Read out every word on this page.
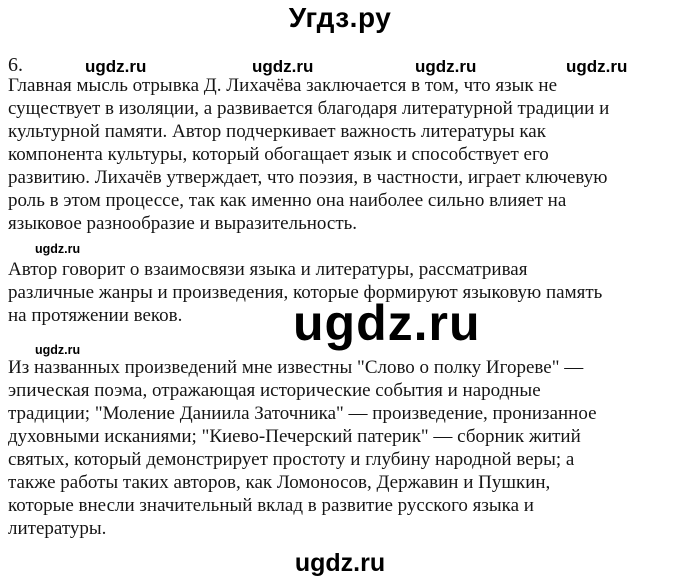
Угдз.ру
6.	ugdz.ru	ugdz.ru	ugdz.ru	ugdz.ru
Главная мысль отрывка Д. Лихачёва заключается в том, что язык не
существует в изоляции, а развивается благодаря литературной традиции и
культурной памяти. Автор подчеркивает важность литературы как
компонента культуры, который обогащает язык и способствует его
развитию. Лихачёв утверждает, что поэзия, в частности, играет ключевую
роль в этом процессе, так как именно она наиболее сильно влияет на
языковое разнообразие и выразительность.
ugdz.ru
Автор говорит о взаимосвязи языка и литературы, рассматривая
различные жанры и произведения, которые формируют языковую память
на протяжении веков.	ugdz.ru
ugdz.ru
Из названных произведений мне известны "Слово о полку Игореве" —
эпическая поэма, отражающая исторические события и народные
традиции; "Моление Даниила Заточника" — произведение, пронизанное
духовными исканиями; "Киево-Печерский патерик" — сборник житий
святых, который демонстрирует простоту и глубину народной веры; а
также работы таких авторов, как Ломоносов, Державин и Пушкин,
которые внесли значительный вклад в развитие русского языка и
литературы.
ugdz.ru
